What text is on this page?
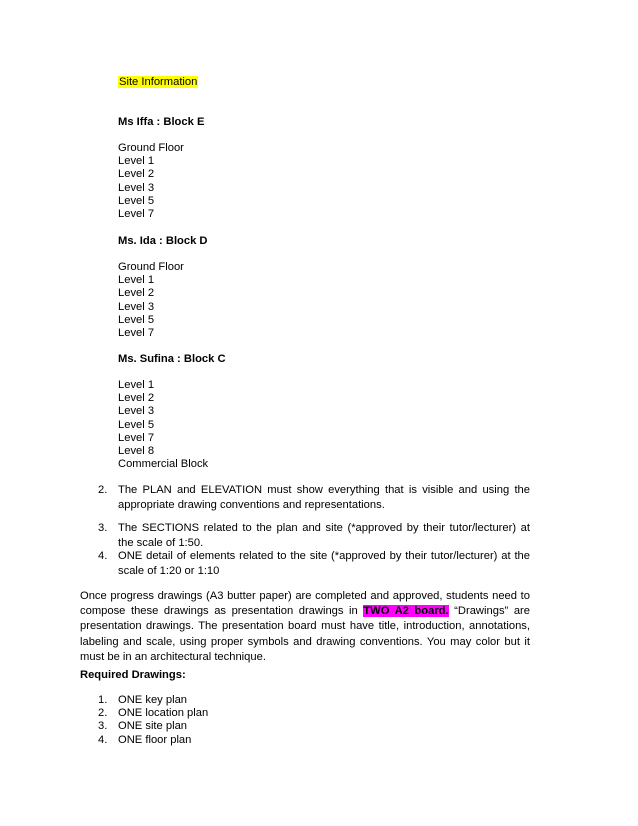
Site Information
Ms Iffa : Block E
Ground Floor
Level 1
Level 2
Level 3
Level 5
Level 7
Ms. Ida : Block D
Ground Floor
Level 1
Level 2
Level 3
Level 5
Level 7
Ms. Sufina : Block C
Level 1
Level 2
Level 3
Level 5
Level 7
Level 8
Commercial Block
2. The PLAN and ELEVATION must show everything that is visible and using the appropriate drawing conventions and representations.
3. The SECTIONS related to the plan and site (*approved by their tutor/lecturer) at the scale of 1:50.
4. ONE detail of elements related to the site (*approved by their tutor/lecturer) at the scale of 1:20 or 1:10
Once progress drawings (A3 butter paper) are completed and approved, students need to compose these drawings as presentation drawings in TWO A2 board. “Drawings” are presentation drawings. The presentation board must have title, introduction, annotations, labeling and scale, using proper symbols and drawing conventions. You may color but it must be in an architectural technique.
Required Drawings:
1. ONE key plan
2. ONE location plan
3. ONE site plan
4. ONE floor plan
